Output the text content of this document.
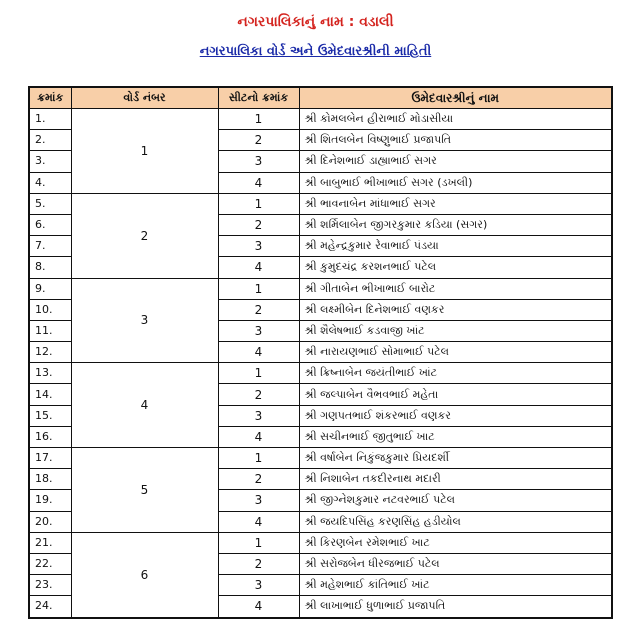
નગરપાલિકાનું નામ : વડાલી
નગરપાલિકા વોર્ડ અને ઉમેદવારશ્રીની માહિતી
ક્રમાંક	વોર્ડ નંબર	સીટનો ક્રમાંક	ઉમેદવારશ્રીનું નામ
1.	1	1	શ્રી કોમલબેન હીરાભાઈ મોડાસીયા
2.		2	શ્રી શિતલબેન વિષ્ણુભાઈ પ્રજાપતિ
3.		3	શ્રી દિનેશભાઈ ડાહ્યાભાઈ સગર
4.		4	શ્રી બાબુભાઈ ભીખાભાઈ સગર (ડખલી)
5.	2	1	શ્રી ભાવનાબેન માંધાભાઈ સગર
6.		2	શ્રી શર્મિલાબેન જીગરકુમાર કડિયા (સગર)
7.		3	શ્રી મહેન્દ્રકુમાર રેવાભાઈ પંડયા
8.		4	શ્રી કુમુદચંદ્ર કરશનભાઈ પટેલ
9.	3	1	શ્રી ગીતાબેન ભીખાભાઈ બારોટ
10.		2	શ્રી લક્ષ્મીબેન દિનેશભાઈ વણકર
11.		3	શ્રી શૈલેષભાઈ કડવાજી ખાંટ
12.		4	શ્રી નારાયણભાઈ સોમાભાઈ પટેલ
13.	4	1	શ્રી ક્રિષ્નાબેન જયંતીભાઈ ખાંટ
14.		2	શ્રી જલ્પાબેન વૈભવભાઈ મહેતા
15.		3	શ્રી ગણપતભાઈ શંકરભાઈ વણકર
16.		4	શ્રી સચીનભાઈ જીતુભાઈ ખાટ
17.	5	1	શ્રી વર્ષાબેન નિકુંજકુમાર પ્રિયદર્શી
18.		2	શ્રી નિશાબેન તકદીરનાથ મદારી
19.		3	શ્રી જીગ્નેશકુમાર નટવરભાઈ પટેલ
20.		4	શ્રી જયદિપસિંહ કરણસિંહ હડીયોલ
21.	6	1	શ્રી કિરણબેન રમેશભાઈ ખાટ
22.		2	શ્રી સરોજબેન ધીરજભાઈ પટેલ
23.		3	શ્રી મહેશભાઈ કાંતિભાઈ ખાંટ
24.		4	શ્રી લાખાભાઈ ધુળાભાઈ પ્રજાપતિ
